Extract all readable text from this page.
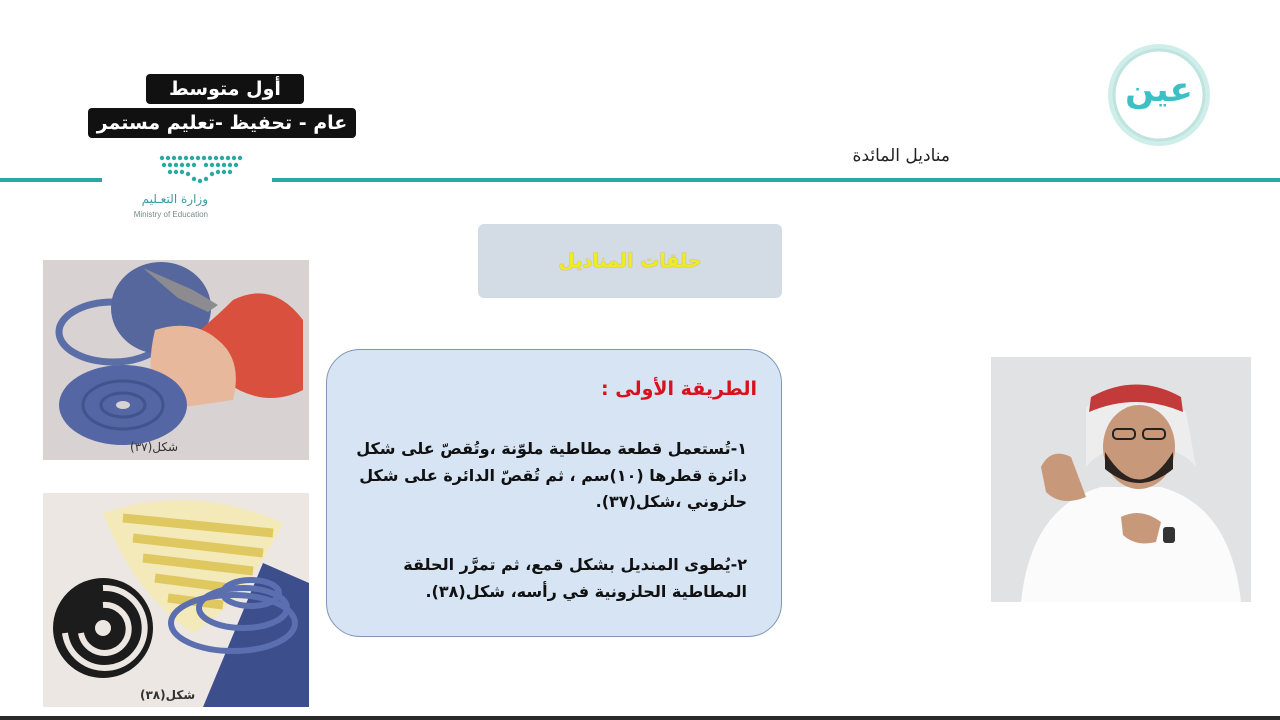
أول متوسط
عام - تحفيظ -تعليم مستمر
وزارة التعـليم
Ministry of Education
مناديل المائدة
عين
حلقات المناديل
الطريقة الأولى :
١-تُستعمل قطعة مطاطية ملوّنة ،وتُقصّ على شكل دائرة قطرها (١٠)سم ، ثم تُقصّ الدائرة على شكل حلزوني ،شكل(٣٧).
٢-يُطوى المنديل بشكل قمع، ثم تمرَّر الحلقة المطاطية الحلزونية في رأسه، شكل(٣٨).
شكل(٣٧)
شكل(٣٨)
